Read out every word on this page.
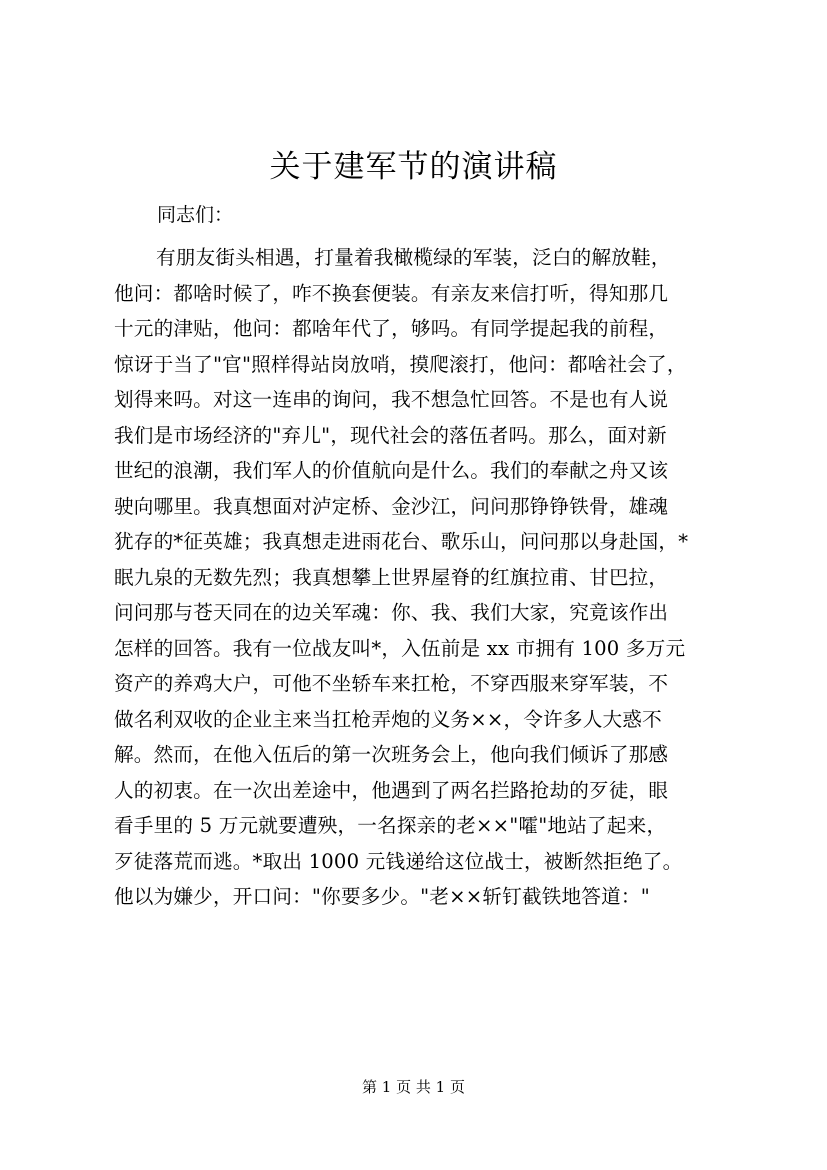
关于建军节的演讲稿
同志们：
有朋友街头相遇，打量着我橄榄绿的军装，泛白的解放鞋，
他问：都啥时候了，咋不换套便装。有亲友来信打听，得知那几
十元的津贴，他问：都啥年代了，够吗。有同学提起我的前程，
惊讶于当了"官"照样得站岗放哨，摸爬滚打，他问：都啥社会了，
划得来吗。对这一连串的询问，我不想急忙回答。不是也有人说
我们是市场经济的"弃儿"，现代社会的落伍者吗。那么，面对新
世纪的浪潮，我们军人的价值航向是什么。我们的奉献之舟又该
驶向哪里。我真想面对泸定桥、金沙江，问问那铮铮铁骨，雄魂
犹存的*征英雄；我真想走进雨花台、歌乐山，问问那以身赴国，*
眠九泉的无数先烈；我真想攀上世界屋脊的红旗拉甫、甘巴拉，
问问那与苍天同在的边关军魂：你、我、我们大家，究竟该作出
怎样的回答。我有一位战友叫*，入伍前是 xx 市拥有 100 多万元
资产的养鸡大户，可他不坐轿车来扛枪，不穿西服来穿军装，不
做名利双收的企业主来当扛枪弄炮的义务××，令许多人大惑不
解。然而，在他入伍后的第一次班务会上，他向我们倾诉了那感
人的初衷。在一次出差途中，他遇到了两名拦路抢劫的歹徒，眼
看手里的 5 万元就要遭殃，一名探亲的老××"嚯"地站了起来，
歹徒落荒而逃。*取出 1000 元钱递给这位战士，被断然拒绝了。
他以为嫌少，开口问："你要多少。"老××斩钉截铁地答道："
第 1 页 共 1 页
